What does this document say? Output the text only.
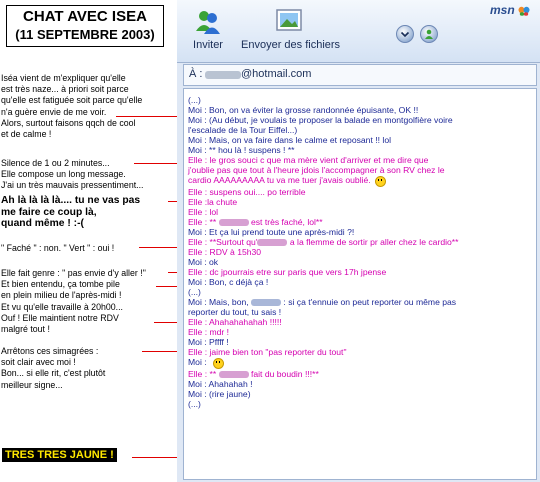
CHAT AVEC ISEA
(11 SEPTEMBRE 2003)
Iséa vient de m'expliquer qu'elle
est très naze... à priori soit parce
qu'elle est fatiguée soit parce qu'elle
n'a guère envie de me voir.
Alors, surtout faisons qqch de cool
et de calme !
Silence de 1 ou 2 minutes...
Elle compose un long message.
J'ai un très mauvais pressentiment...
Ah là là là là.... tu ne vas pas
me faire ce coup là,
quand même ! :-(
" Faché " : non. " Vert " : oui !
Elle fait genre : " pas envie d'y aller !"
Et bien entendu, ça tombe pile
en plein milieu de l'après-midi !
Et vu qu'elle travaille à 20h00...
Ouf ! Elle maintient notre RDV
malgré tout !
Arrêtons ces simagrées :
soit clair avec moi !
Bon... si elle rit, c'est plutôt
meilleur signe...
TRES TRES JAUNE !
Inviter	Envoyer des fichiers
msn
À :	@hotmail.com
(...)
Moi : Bon, on va éviter la grosse randonnée épuisante, OK !!
Moi : (Au début, je voulais te proposer la balade en montgolfière voire
l'escalade de la Tour Eiffel...)
Moi : Mais, on va faire dans le calme et reposant !! lol
Moi : ** hou là ! suspens ! **
Elle : le gros souci c que ma mère vient d'arriver et me dire que
j'oublie pas que tout à l'heure jdois l'accompagner à son RV chez le
cardio AAAAAAAAA tu va me tuer j'avais oublié.
Elle : suspens oui.... po terrible
Elle :la chute
Elle : lol
Elle : **	est très faché, lol**
Moi : Et ça lui prend toute une après-midi ?!
Elle : **Surtout qu'	a la flemme de sortir pr aller chez le cardio**
Elle : RDV à 15h30
Moi : ok
Elle : dc jpourrais etre sur paris que vers 17h jpense
Moi : Bon, c déjà ça !
(...)
Moi : Mais, bon,	: si ça t'ennuie on peut reporter ou même pas
reporter du tout, tu sais !
Elle : Ahahahahahah !!!!!
Elle : mdr !
Moi : Pffff !
Elle : jaime bien ton "pas reporter du tout"
Moi :
Elle : **	fait du boudin !!!**
Moi : Ahahahah !
Moi : (rire jaune)
(...)
